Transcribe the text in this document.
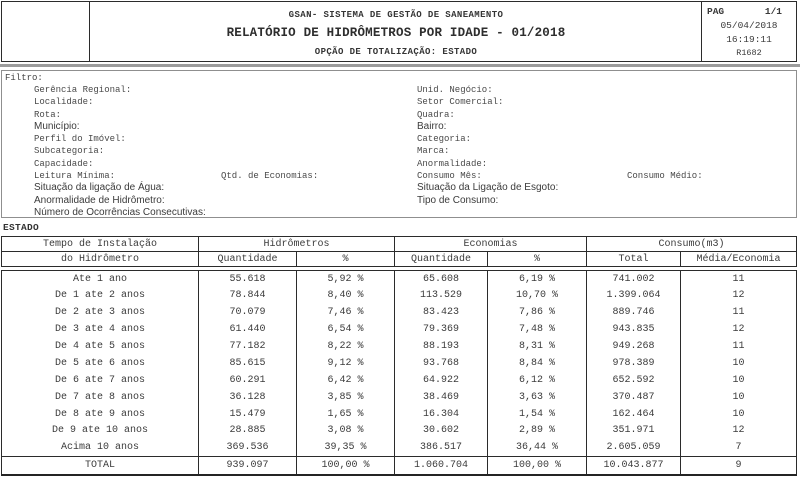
GSAN- SISTEMA DE GESTÃO DE SANEAMENTO
RELATÓRIO DE HIDRÔMETROS POR IDADE - 01/2018
OPÇÃO DE TOTALIZAÇÃO: ESTADO
PAG	1/1
05/04/2018
16:19:11
R1682
Filtro:
Gerência Regional:
Localidade:
Rota:
Município:
Perfil do Imóvel:
Subcategoria:
Capacidade:
Leitura Mínima:	Qtd. de Economias:
Situação da ligação de Água:
Anormalidade de Hidrômetro:
Número de Ocorrências Consecutivas:
Unid. Negócio:
Setor Comercial:
Quadra:
Bairro:
Categoria:
Marca:
Anormalidade:
Consumo Mês:	Consumo Médio:
Situação da Ligação de Esgoto:
Tipo de Consumo:
ESTADO
Tempo de Instalação	Hidrômetros		Economias		Consumo(m3)	
do Hidrômetro	Quantidade	%	Quantidade	%	Total	Média/Economia
Ate 1 ano	55.618	5,92 %	65.608	6,19 %	741.002	11
De 1 ate 2 anos	78.844	8,40 %	113.529	10,70 %	1.399.064	12
De 2 ate 3 anos	70.079	7,46 %	83.423	7,86 %	889.746	11
De 3 ate 4 anos	61.440	6,54 %	79.369	7,48 %	943.835	12
De 4 ate 5 anos	77.182	8,22 %	88.193	8,31 %	949.268	11
De 5 ate 6 anos	85.615	9,12 %	93.768	8,84 %	978.389	10
De 6 ate 7 anos	60.291	6,42 %	64.922	6,12 %	652.592	10
De 7 ate 8 anos	36.128	3,85 %	38.469	3,63 %	370.487	10
De 8 ate 9 anos	15.479	1,65 %	16.304	1,54 %	162.464	10
De 9 ate 10 anos	28.885	3,08 %	30.602	2,89 %	351.971	12
Acima 10 anos	369.536	39,35 %	386.517	36,44 %	2.605.059	7
TOTAL	939.097	100,00 %	1.060.704	100,00 %	10.043.877	9
